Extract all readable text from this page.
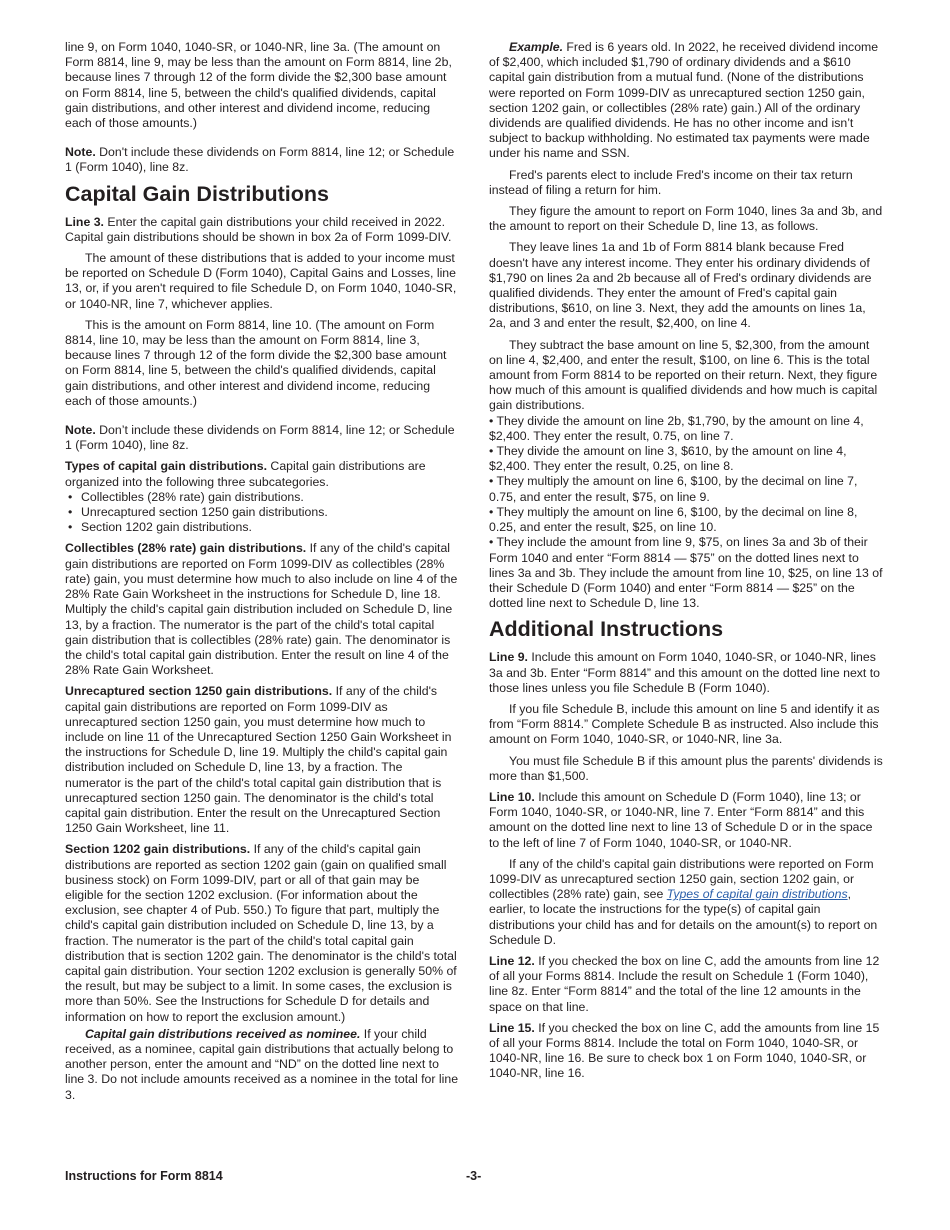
line 9, on Form 1040, 1040-SR, or 1040-NR, line 3a. (The amount on Form 8814, line 9, may be less than the amount on Form 8814, line 2b, because lines 7 through 12 of the form divide the $2,300 base amount on Form 8814, line 5, between the child's qualified dividends, capital gain distributions, and other interest and dividend income, reducing each of those amounts.)

Note. Don't include these dividends on Form 8814, line 12; or Schedule 1 (Form 1040), line 8z.

Capital Gain Distributions

Line 3. Enter the capital gain distributions your child received in 2022. Capital gain distributions should be shown in box 2a of Form 1099-DIV.

The amount of these distributions that is added to your income must be reported on Schedule D (Form 1040), Capital Gains and Losses, line 13, or, if you aren't required to file Schedule D, on Form 1040, 1040-SR, or 1040-NR, line 7, whichever applies.

This is the amount on Form 8814, line 10. (The amount on Form 8814, line 10, may be less than the amount on Form 8814, line 3, because lines 7 through 12 of the form divide the $2,300 base amount on Form 8814, line 5, between the child's qualified dividends, capital gain distributions, and other interest and dividend income, reducing each of those amounts.)

Note. Don’t include these dividends on Form 8814, line 12; or Schedule 1 (Form 1040), line 8z.

Types of capital gain distributions. Capital gain distributions are organized into the following three subcategories.

• Collectibles (28% rate) gain distributions.
• Unrecaptured section 1250 gain distributions.
• Section 1202 gain distributions.

Collectibles (28% rate) gain distributions. If any of the child's capital gain distributions are reported on Form 1099-DIV as collectibles (28% rate) gain, you must determine how much to also include on line 4 of the 28% Rate Gain Worksheet in the instructions for Schedule D, line 18. Multiply the child's capital gain distribution included on Schedule D, line 13, by a fraction. The numerator is the part of the child's total capital gain distribution that is collectibles (28% rate) gain. The denominator is the child's total capital gain distribution. Enter the result on line 4 of the 28% Rate Gain Worksheet.

Unrecaptured section 1250 gain distributions. If any of the child's capital gain distributions are reported on Form 1099-DIV as unrecaptured section 1250 gain, you must determine how much to include on line 11 of the Unrecaptured Section 1250 Gain Worksheet in the instructions for Schedule D, line 19. Multiply the child's capital gain distribution included on Schedule D, line 13, by a fraction. The numerator is the part of the child's total capital gain distribution that is unrecaptured section 1250 gain. The denominator is the child's total capital gain distribution. Enter the result on the Unrecaptured Section 1250 Gain Worksheet, line 11.

Section 1202 gain distributions. If any of the child's capital gain distributions are reported as section 1202 gain (gain on qualified small business stock) on Form 1099-DIV, part or all of that gain may be eligible for the section 1202 exclusion. (For information about the exclusion, see chapter 4 of Pub. 550.) To figure that part, multiply the child's capital gain distribution included on Schedule D, line 13, by a fraction. The numerator is the part of the child's total capital gain distribution that is section 1202 gain. The denominator is the child's total capital gain distribution. Your section 1202 exclusion is generally 50% of the result, but may be subject to a limit. In some cases, the exclusion is more than 50%. See the Instructions for Schedule D for details and information on how to report the exclusion amount.)

Capital gain distributions received as nominee. If your child received, as a nominee, capital gain distributions that actually belong to another person, enter the amount and “ND” on the dotted line next to line 3. Do not include amounts received as a nominee in the total for line 3.

Example. Fred is 6 years old. In 2022, he received dividend income of $2,400, which included $1,790 of ordinary dividends and a $610 capital gain distribution from a mutual fund. (None of the distributions were reported on Form 1099-DIV as unrecaptured section 1250 gain, section 1202 gain, or collectibles (28% rate) gain.) All of the ordinary dividends are qualified dividends. He has no other income and isn’t subject to backup withholding. No estimated tax payments were made under his name and SSN.

Fred's parents elect to include Fred's income on their tax return instead of filing a return for him.

They figure the amount to report on Form 1040, lines 3a and 3b, and the amount to report on their Schedule D, line 13, as follows.

They leave lines 1a and 1b of Form 8814 blank because Fred doesn't have any interest income. They enter his ordinary dividends of $1,790 on lines 2a and 2b because all of Fred's ordinary dividends are qualified dividends. They enter the amount of Fred's capital gain distributions, $610, on line 3. Next, they add the amounts on lines 1a, 2a, and 3 and enter the result, $2,400, on line 4.

They subtract the base amount on line 5, $2,300, from the amount on line 4, $2,400, and enter the result, $100, on line 6. This is the total amount from Form 8814 to be reported on their return. Next, they figure how much of this amount is qualified dividends and how much is capital gain distributions.

• They divide the amount on line 2b, $1,790, by the amount on line 4, $2,400. They enter the result, 0.75, on line 7.
• They divide the amount on line 3, $610, by the amount on line 4, $2,400. They enter the result, 0.25, on line 8.
• They multiply the amount on line 6, $100, by the decimal on line 7, 0.75, and enter the result, $75, on line 9.
• They multiply the amount on line 6, $100, by the decimal on line 8, 0.25, and enter the result, $25, on line 10.
• They include the amount from line 9, $75, on lines 3a and 3b of their Form 1040 and enter “Form 8814 — $75” on the dotted lines next to lines 3a and 3b. They include the amount from line 10, $25, on line 13 of their Schedule D (Form 1040) and enter “Form 8814 — $25” on the dotted line next to Schedule D, line 13.
Additional Instructions

Line 9. Include this amount on Form 1040, 1040-SR, or 1040-NR, lines 3a and 3b. Enter “Form 8814” and this amount on the dotted line next to those lines unless you file Schedule B (Form 1040).

If you file Schedule B, include this amount on line 5 and identify it as from “Form 8814.” Complete Schedule B as instructed. Also include this amount on Form 1040, 1040-SR, or 1040-NR, line 3a.

You must file Schedule B if this amount plus the parents' dividends is more than $1,500.

Line 10. Include this amount on Schedule D (Form 1040), line 13; or Form 1040, 1040-SR, or 1040-NR, line 7. Enter “Form 8814” and this amount on the dotted line next to line 13 of Schedule D or in the space to the left of line 7 of Form 1040, 1040-SR, or 1040-NR.

If any of the child's capital gain distributions were reported on Form 1099-DIV as unrecaptured section 1250 gain, section 1202 gain, or collectibles (28% rate) gain, see Types of capital gain distributions, earlier, to locate the instructions for the type(s) of capital gain distributions your child has and for details on the amount(s) to report on Schedule D.

Line 12. If you checked the box on line C, add the amounts from line 12 of all your Forms 8814. Include the result on Schedule 1 (Form 1040), line 8z. Enter “Form 8814” and the total of the line 12 amounts in the space on that line.

Line 15. If you checked the box on line C, add the amounts from line 15 of all your Forms 8814. Include the total on Form 1040, 1040-SR, or 1040-NR, line 16. Be sure to check box 1 on Form 1040, 1040-SR, or 1040-NR, line 16.

Instructions for Form 8814	-3-
